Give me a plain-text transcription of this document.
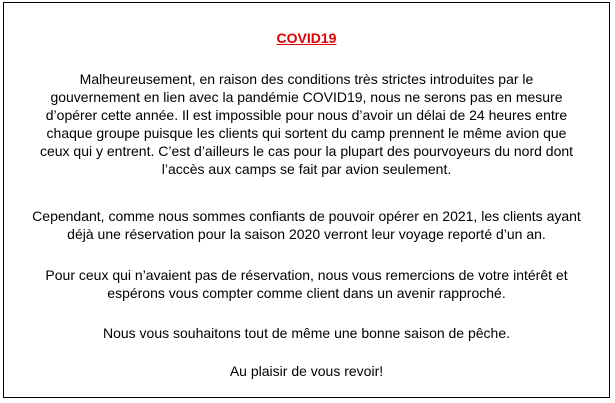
COVID19

Malheureusement, en raison des conditions très strictes introduites par le
gouvernement en lien avec la pandémie COVID19, nous ne serons pas en mesure
d’opérer cette année. Il est impossible pour nous d’avoir un délai de 24 heures entre
chaque groupe puisque les clients qui sortent du camp prennent le même avion que
ceux qui y entrent. C’est d’ailleurs le cas pour la plupart des pourvoyeurs du nord dont
l’accès aux camps se fait par avion seulement.

Cependant, comme nous sommes confiants de pouvoir opérer en 2021, les clients ayant
déjà une réservation pour la saison 2020 verront leur voyage reporté d’un an.

Pour ceux qui n’avaient pas de réservation, nous vous remercions de votre intérêt et
espérons vous compter comme client dans un avenir rapproché.

Nous vous souhaitons tout de même une bonne saison de pêche.

Au plaisir de vous revoir!
